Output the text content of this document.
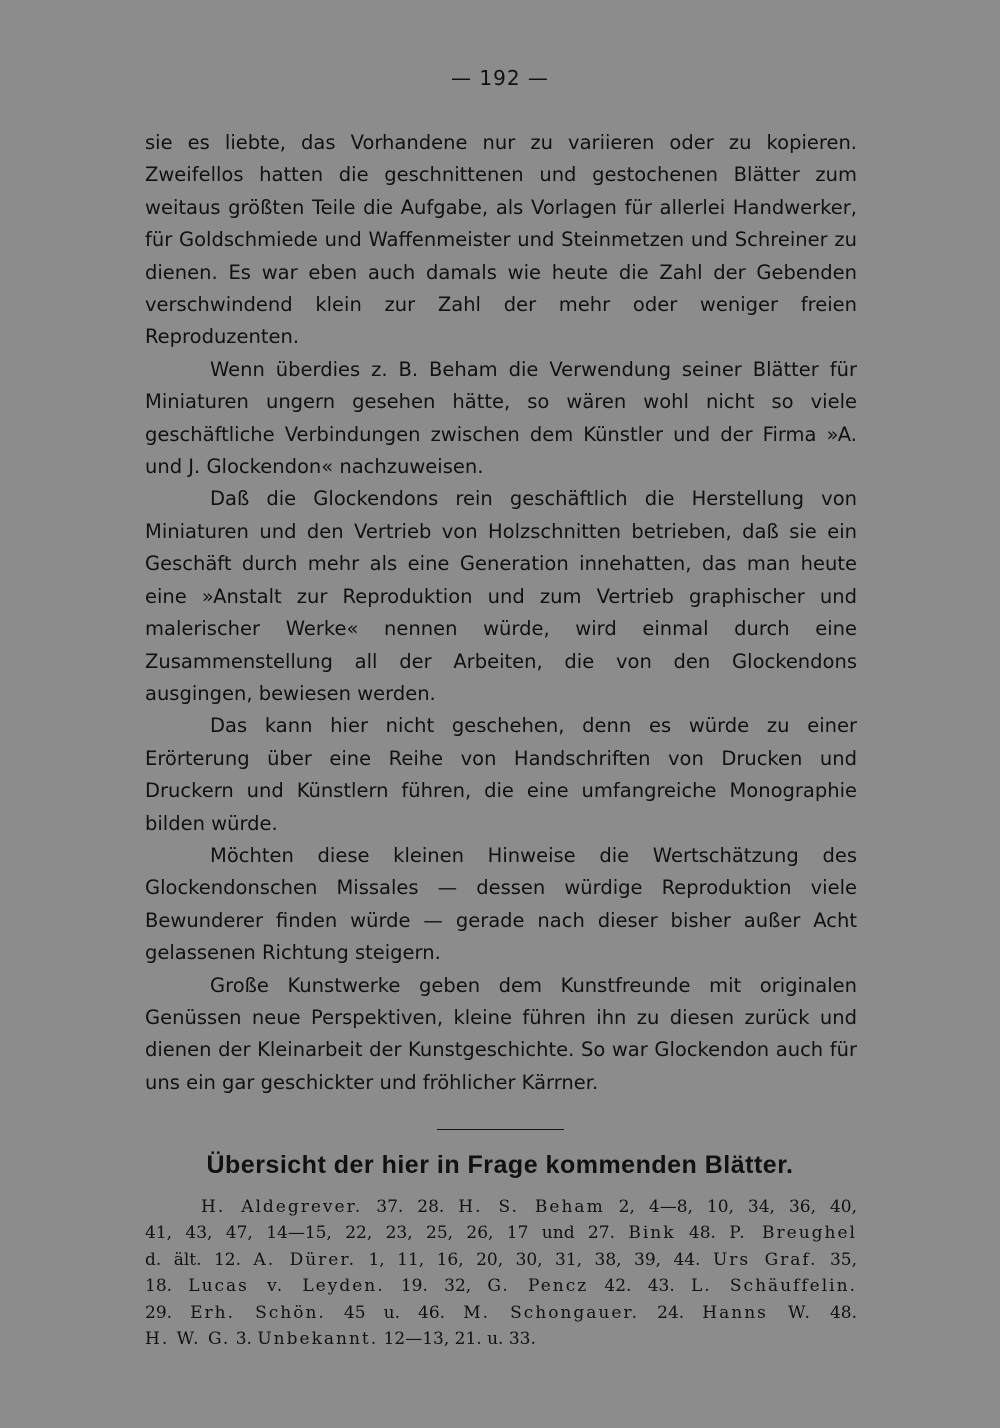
— 192 —

sie es liebte, das Vorhandene nur zu variieren oder zu kopieren. Zweifellos hatten die geschnittenen und gestochenen Blätter zum weitaus größten Teile die Aufgabe, als Vorlagen für allerlei Handwerker, für Goldschmiede und Waffenmeister und Steinmetzen und Schreiner zu dienen. Es war eben auch damals wie heute die Zahl der Gebenden verschwindend klein zur Zahl der mehr oder weniger freien Reproduzenten.

Wenn überdies z. B. Beham die Verwendung seiner Blätter für Miniaturen ungern gesehen hätte, so wären wohl nicht so viele geschäftliche Verbindungen zwischen dem Künstler und der Firma »A. und J. Glockendon« nachzuweisen.

Daß die Glockendons rein geschäftlich die Herstellung von Miniaturen und den Vertrieb von Holzschnitten betrieben, daß sie ein Geschäft durch mehr als eine Generation innehatten, das man heute eine »Anstalt zur Reproduktion und zum Vertrieb graphischer und malerischer Werke« nennen würde, wird einmal durch eine Zusammenstellung all der Arbeiten, die von den Glockendons ausgingen, bewiesen werden.

Das kann hier nicht geschehen, denn es würde zu einer Erörterung über eine Reihe von Handschriften von Drucken und Druckern und Künstlern führen, die eine umfangreiche Monographie bilden würde.

Möchten diese kleinen Hinweise die Wertschätzung des Glockendonschen Missales — dessen würdige Reproduktion viele Bewunderer finden würde — gerade nach dieser bisher außer Acht gelassenen Richtung steigern.

Große Kunstwerke geben dem Kunstfreunde mit originalen Genüssen neue Perspektiven, kleine führen ihn zu diesen zurück und dienen der Kleinarbeit der Kunstgeschichte. So war Glockendon auch für uns ein gar geschickter und fröhlicher Kärrner.

Übersicht der hier in Frage kommenden Blätter.
H. Aldegrever. 37. 28. H. S. Beham 2, 4—8, 10, 34, 36, 40,
41, 43, 47, 14—15, 22, 23, 25, 26, 17 und 27. Bink 48. P. Breughel
d. ält. 12. A. Dürer. 1, 11, 16, 20, 30, 31, 38, 39, 44. Urs Graf. 35,
18. Lucas v. Leyden. 19. 32, G. Pencz 42. 43. L. Schäuffelin.
29. Erh. Schön. 45 u. 46. M. Schongauer. 24. Hanns W. 48.
H. W. G. 3. Unbekannt. 12—13, 21. u. 33.
